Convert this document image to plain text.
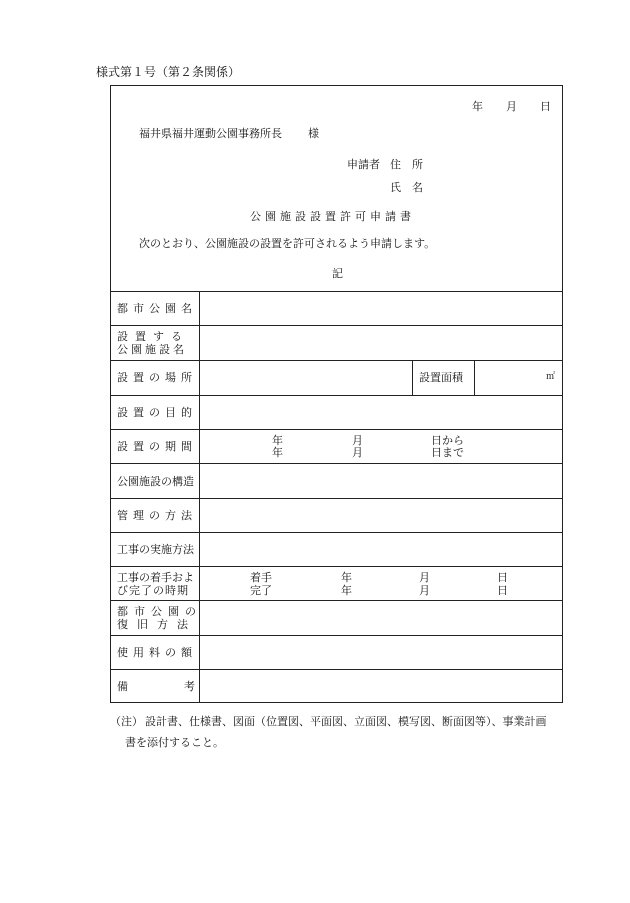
様式第１号（第２条関係）
年 月 日
福井県福井運動公園事務所長 様
申請者 住　所
氏　名
公園施設設置許可申請書
次のとおり、公園施設の設置を許可されるよう申請します。
記
都市公園名
設置する
公園施設名
設置の場所	設置面積	㎡
設置の目的
設置の期間	年	月	日から
年	月	日まで
公園施設の構造
管理の方法
工事の実施方法
工事の着手およ
び完了の時期
着手	年	月	日
完了	年	月	日
都市公園の
復旧方法
使用料の額
備	考
（注） 設計書、仕様書、図面（位置図、平面図、立面図、模写図、断面図等）、事業計画
書を添付すること。
